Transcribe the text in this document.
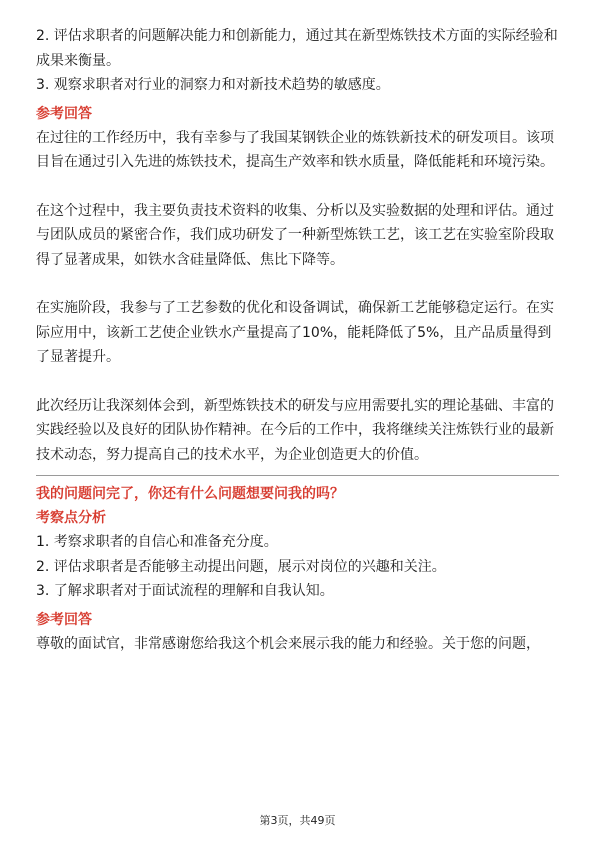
2. 评估求职者的问题解决能力和创新能力，通过其在新型炼铁技术方面的实际经验和成果来衡量。
3. 观察求职者对行业的洞察力和对新技术趋势的敏感度。
参考回答
在过往的工作经历中，我有幸参与了我国某钢铁企业的炼铁新技术的研发项目。该项目旨在通过引入先进的炼铁技术，提高生产效率和铁水质量，降低能耗和环境污染。
在这个过程中，我主要负责技术资料的收集、分析以及实验数据的处理和评估。通过与团队成员的紧密合作，我们成功研发了一种新型炼铁工艺，该工艺在实验室阶段取得了显著成果，如铁水含硅量降低、焦比下降等。
在实施阶段，我参与了工艺参数的优化和设备调试，确保新工艺能够稳定运行。在实际应用中，该新工艺使企业铁水产量提高了10%，能耗降低了5%，且产品质量得到了显著提升。
此次经历让我深刻体会到，新型炼铁技术的研发与应用需要扎实的理论基础、丰富的实践经验以及良好的团队协作精神。在今后的工作中，我将继续关注炼铁行业的最新技术动态，努力提高自己的技术水平，为企业创造更大的价值。
我的问题问完了，你还有什么问题想要问我的吗？
考察点分析
1. 考察求职者的自信心和准备充分度。
2. 评估求职者是否能够主动提出问题，展示对岗位的兴趣和关注。
3. 了解求职者对于面试流程的理解和自我认知。
参考回答
尊敬的面试官，非常感谢您给我这个机会来展示我的能力和经验。关于您的问题，
第3页，共49页
